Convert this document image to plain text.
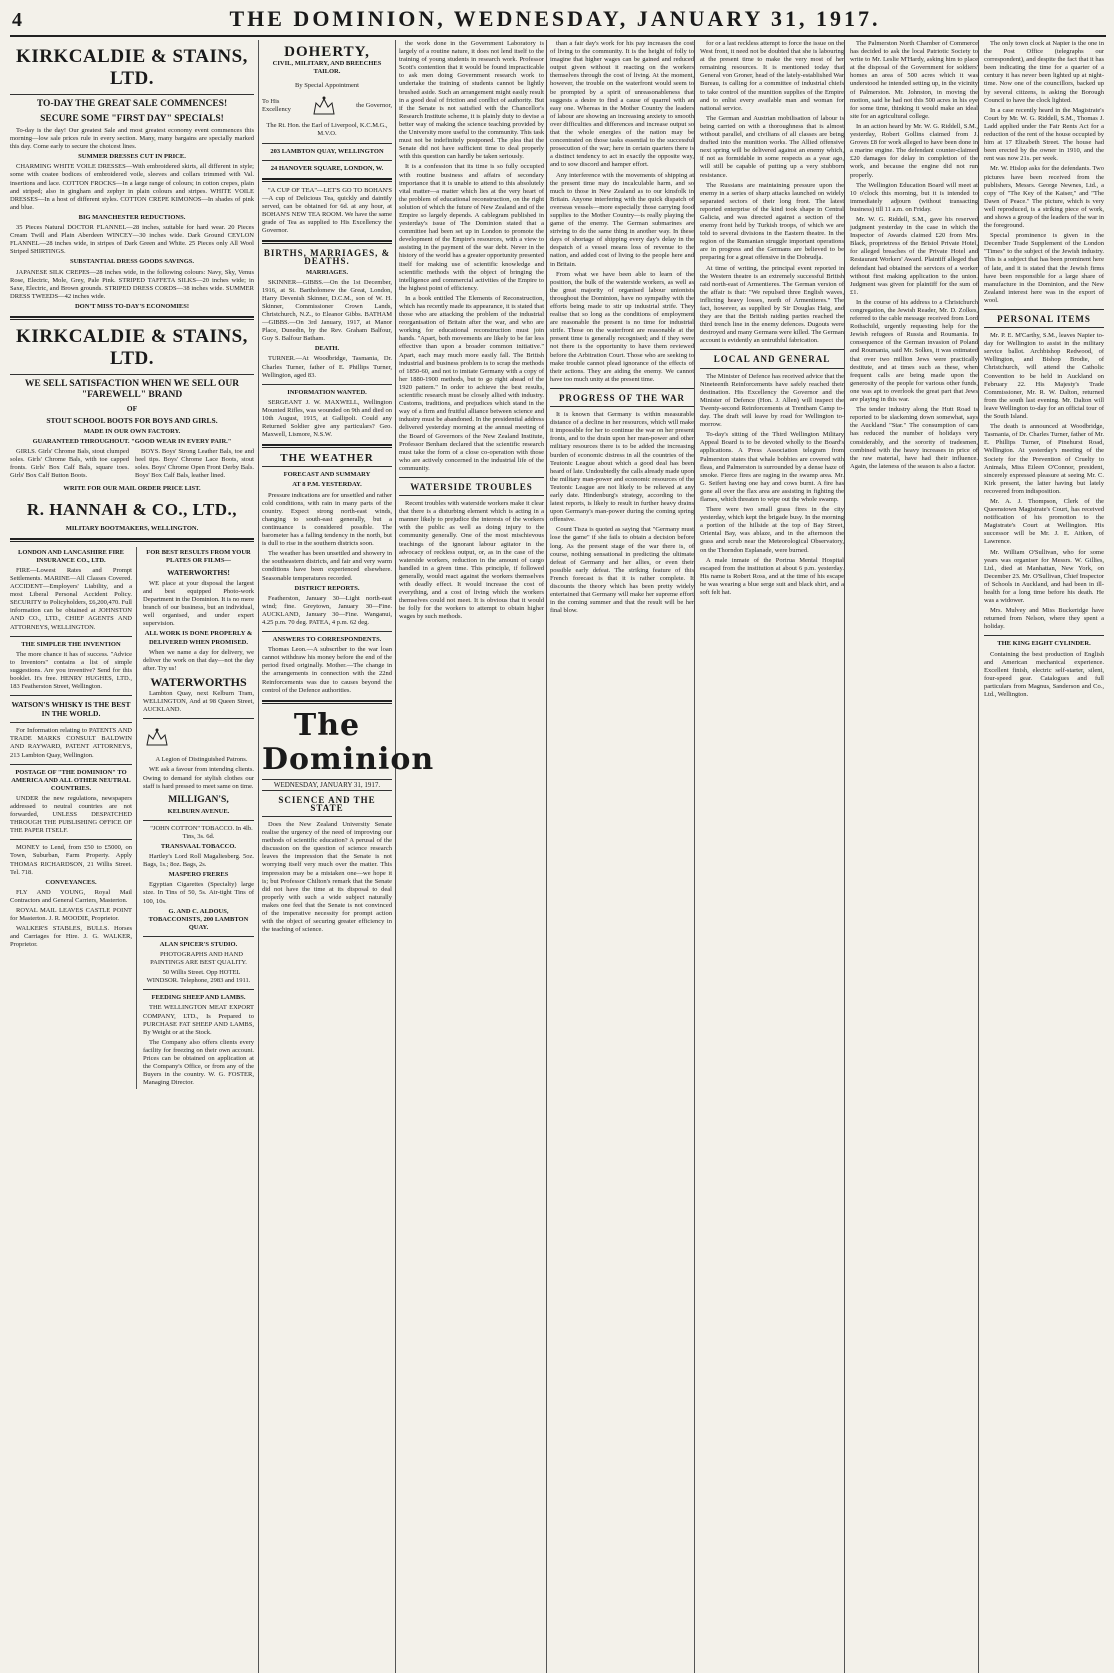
4	THE DOMINION, WEDNESDAY, JANUARY 31, 1917.
KIRKCALDIE & STAINS, LTD.
TO-DAY THE GREAT SALE COMMENCES!
SECURE SOME "FIRST DAY" SPECIALS!

To-day is the day! Our greatest Sale and most greatest economy event commences this morning—low sale prices rule in every section. Many, many bargains are specially marked this day. Come early to secure the choicest lines.

SUMMER DRESSES CUT IN PRICE.

CHARMING WHITE VOILE DRESSES—With embroidered skirts, all different in style; some with coatee bodices of embroidered voile, sleeves and collars trimmed with Val. insertions and lace. COTTON FROCKS—In a large range of colours; in cotton crepes, plain and striped; also in gingham and zephyr in plain colours and stripes. WHITE VOILE DRESSES—In a host of different styles. COTTON CREPE KIMONOS—In shades of pink and blue.

BIG MANCHESTER REDUCTIONS.

35 Pieces Natural DOCTOR FLANNEL—28 inches, suitable for hard wear. 20 Pieces Cream Twill and Plain Aberdeen WINCEY—30 inches wide. Dark Ground CEYLON FLANNEL—28 inches wide, in stripes of Dark Green and White. 25 Pieces only All Wool Striped SHIRTINGS.

SUBSTANTIAL DRESS GOODS SAVINGS.

JAPANESE SILK CREPES—28 inches wide, in the following colours: Navy, Sky, Venus Rose, Electric, Mole, Grey, Pale Pink. STRIPED TAFFETA SILKS—20 inches wide; in Saxe, Electric, and Brown grounds. STRIPED DRESS CORDS—38 inches wide. SUMMER DRESS TWEEDS—42 inches wide.

DON'T MISS TO-DAY'S ECONOMIES!
KIRKCALDIE & STAINS, LTD.
WE SELL SATISFACTION WHEN WE SELL OUR "FAREWELL" BRAND
OF
STOUT SCHOOL BOOTS FOR BOYS AND GIRLS.
MADE IN OUR OWN FACTORY.
GUARANTEED THROUGHOUT. "GOOD WEAR IN EVERY PAIR."

GIRLS. Girls' Chrome Bals, stout clumped soles. Girls' Chrome Bals, with toe capped fronts. Girls' Box Calf Bals, square toes. Girls' Box Calf Button Boots.

BOYS. Boys' Strong Leather Bals, toe and heel tips. Boys' Chrome Lace Boots, stout soles. Boys' Chrome Open Front Derby Bals. Boys' Box Calf Bals, leather lined.

WRITE FOR OUR MAIL ORDER PRICE LIST.
R. HANNAH & CO., LTD.,
MILITARY BOOTMAKERS, WELLINGTON.
LONDON AND LANCASHIRE FIRE INSURANCE CO., LTD.

FIRE—Lowest Rates and Prompt Settlements. MARINE—All Classes Covered. ACCIDENT—Employers' Liability, and a most Liberal Personal Accident Policy. SECURITY to Policyholders, £6,200,470. Full information can be obtained at JOHNSTON AND CO., LTD., CHIEF AGENTS AND ATTORNEYS, WELLINGTON.

THE SIMPLER THE INVENTION

The more chance it has of success. "Advice to Inventors" contains a list of simple suggestions. Are you inventive? Send for this booklet. It's free. HENRY HUGHES, LTD., 183 Featherston Street, Wellington.

WATSON'S WHISKY IS THE BEST IN THE WORLD.

For Information relating to PATENTS AND TRADE MARKS CONSULT BALDWIN AND RAYWARD, PATENT ATTORNEYS, 213 Lambton Quay, Wellington.

POSTAGE OF "THE DOMINION" TO AMERICA AND ALL OTHER NEUTRAL COUNTRIES.

UNDER the new regulations, newspapers addressed to neutral countries are not forwarded, UNLESS DESPATCHED THROUGH THE PUBLISHING OFFICE OF THE PAPER ITSELF.

MONEY to Lend, from £50 to £5000, on Town, Suburban, Farm Property. Apply THOMAS RICHARDSON, 21 Willis Street. Tel. 718.

CONVEYANCES.

FLY AND YOUNG, Royal Mail Contractors and General Carriers, Masterton.

ROYAL MAIL LEAVES CASTLE POINT for Masterton. J. R. MOODIE, Proprietor.

WALKER'S STABLES, BULLS. Horses and Carriages for Hire. J. G. WALKER, Proprietor.

FOR BEST RESULTS FROM YOUR PLATES OR FILMS—
WATERWORTHS!

WE place at your disposal the largest and best equipped Photo-work Department in the Dominion. It is no mere branch of our business, but an individual, well organised, and under expert supervision.

ALL WORK IS DONE PROPERLY & DELIVERED WHEN PROMISED.

When we name a day for delivery, we deliver the work on that day—not the day after. Try us!

WATERWORTHS

Lambton Quay, next Kelburn Tram, WELLINGTON, And at 98 Queen Street, AUCKLAND.

A Legion of Distinguished Patrons.

WE ask a favour from intending clients. Owing to demand for stylish clothes our staff is hard pressed to meet same on time.

MILLIGAN'S,
KELBURN AVENUE.

"JOHN COTTON" TOBACCO. In 4lb. Tins, 3s. 6d.

TRANSVAAL TOBACCO.

Hartley's Lord Roll Magaliesberg. 5oz. Bags, 1s.; 8oz. Bags, 2s.

MASPERO FRERES

Egyptian Cigarettes (Specialty) large size. In Tins of 50, 5s. Air-tight Tins of 100, 10s.

G. AND C. ALDOUS, TOBACCONISTS, 200 LAMBTON QUAY.
ALAN SPICER'S STUDIO.

PHOTOGRAPHS AND HAND PAINTINGS ARE BEST QUALITY.

50 Willis Street. Opp HOTEL WINDSOR. Telephone, 2983 and 1911.

FEEDING SHEEP AND LAMBS.

THE WELLINGTON MEAT EXPORT COMPANY, LTD., Is Prepared to PURCHASE FAT SHEEP AND LAMBS, By Weight or at the Stock.

The Company also offers clients every facility for freezing on their own account. Prices can be obtained on application at the Company's Office, or from any of the Buyers in the country. W. G. FOSTER, Managing Director.

DOHERTY,
CIVIL, MILITARY, AND BREECHES TAILOR.

By Special Appointment

To His
Excellency
the Governor,

The Rt. Hon. the Earl of Liverpool, K.C.M.G., M.V.O.

203 LAMBTON QUAY, WELLINGTON
24 HANOVER SQUARE, LONDON, W.

"A CUP OF TEA"—LET'S GO TO BOHAN'S—A cup of Delicious Tea, quickly and daintily served, can be obtained for 6d. at any hour, at BOHAN'S NEW TEA ROOM. We have the same grade of Tea as supplied to His Excellency the Governor.

BIRTHS, MARRIAGES, & DEATHS.
MARRIAGES.

SKINNER—GIBBS.—On the 1st December, 1916, at St. Bartholomew the Great, London, Harry Devenish Skinner, D.C.M., son of W. H. Skinner, Commissioner Crown Lands, Christchurch, N.Z., to Eleanor Gibbs. BATHAM—GIBBS.—On 3rd January, 1917, at Manor Place, Dunedin, by the Rev. Graham Balfour, Guy S. Balfour Batham.

DEATH.

TURNER.—At Woodbridge, Tasmania, Dr. Charles Turner, father of E. Phillips Turner, Wellington, aged 83.

INFORMATION WANTED.

SERGEANT J. W. MAXWELL, Wellington Mounted Rifles, was wounded on 9th and died on 10th August, 1915, at Gallipoli. Could any Returned Soldier give any particulars? Geo. Maxwell, Lismore, N.S.W.

THE WEATHER
FORECAST AND SUMMARY
AT 8 P.M. YESTERDAY.

Pressure indications are for unsettled and rather cold conditions, with rain in many parts of the country. Expect strong north-east winds, changing to south-east generally, but a continuance is considered possible. The barometer has a falling tendency in the north, but is dull to rise in the southern districts soon.

The weather has been unsettled and showery in the southeastern districts, and fair and very warm conditions have been experienced elsewhere. Seasonable temperatures recorded.

DISTRICT REPORTS.

Featherston, January 30—Light north-east wind; fine. Greytown, January 30—Fine. AUCKLAND, January 30—Fine. Wanganui, 4.25 p.m. 70 deg. PATEA, 4 p.m. 62 deg.

ANSWERS TO CORRESPONDENTS.

Thomas Leon.—A subscriber to the war loan cannot withdraw his money before the end of the period fixed originally. Mother.—The change in the arrangements in connection with the 22nd Reinforcements was due to causes beyond the control of the Defence authorities.

The Dominion
WEDNESDAY, JANUARY 31, 1917.
SCIENCE AND THE STATE

Does the New Zealand University Senate realise the urgency of the need of improving our methods of scientific education? A perusal of the discussion on the question of science research leaves the impression that the Senate is not worrying itself very much over the matter. This impression may be a mistaken one—we hope it is; but Professor Chilton's remark that the Senate did not have the time at its disposal to deal properly with such a wide subject naturally makes one feel that the Senate is not convinced of the imperative necessity for prompt action with the object of securing greater efficiency in the teaching of science.

the work done in the Government Laboratory is largely of a routine nature, it does not lend itself to the training of young students in research work. Professor Scott's contention that it would be found impracticable to ask men doing Government research work to undertake the training of students cannot be lightly brushed aside. Such an arrangement might easily result in a good deal of friction and conflict of authority. But if the Senate is not satisfied with the Chancellor's Research Institute scheme, it is plainly duty to devise a better way of making the science teaching provided by the University more useful to the community. This task must not be indefinitely postponed. The plea that the Senate did not have sufficient time to deal properly with this question can hardly be taken seriously.

It is a confession that its time is so fully occupied with routine business and affairs of secondary importance that it is unable to attend to this absolutely vital matter—a matter which lies at the very heart of the problem of educational reconstruction, on the right solution of which the future of New Zealand and of the Empire so largely depends. A cablegram published in yesterday's issue of The Dominion stated that a committee had been set up in London to promote the development of the Empire's resources, with a view to assisting in the payment of the war debt. Never in the history of the world has a greater opportunity presented itself for making use of scientific knowledge and scientific methods with the object of bringing the intelligence and commercial activities of the Empire to the highest point of efficiency.

In a book entitled The Elements of Reconstruction, which has recently made its appearance, it is stated that those who are attacking the problem of the industrial reorganisation of Britain after the war, and who are working for educational reconstruction must join hands. "Apart, both movements are likely to be far less effective than upon a broader common initiative." Apart, each may much more easily fall. The British industrial and business problem is to scrap the methods of 1850-60, and not to imitate Germany with a copy of her 1880-1900 methods, but to go right ahead of the 1920 pattern." In order to achieve the best results, scientific research must be closely allied with industry. Customs, traditions, and prejudices which stand in the way of a firm and fruitful alliance between science and industry must be abandoned. In the presidential address delivered yesterday morning at the annual meeting of the Board of Governors of the New Zealand Institute, Professor Benham declared that the scientific research must take the form of a close co-operation with those who are actively concerned in the industrial life of the community.

WATERSIDE TROUBLES

Recent troubles with waterside workers make it clear that there is a disturbing element which is acting in a manner likely to prejudice the interests of the workers with the public as well as doing injury to the community generally. One of the most mischievous teachings of the ignorant labour agitator in the advocacy of reckless output, or, as in the case of the waterside workers, reduction in the amount of cargo handled in a given time. This principle, if followed generally, would react against the workers themselves with deadly effect. It would increase the cost of everything, and a cost of living which the workers themselves could not meet. It is obvious that it would be folly for the workers to attempt to obtain higher wages by such methods.

than a fair day's work for his pay increases the cost of living to the community. It is the height of folly to imagine that higher wages can be gained and reduced output given without it reacting on the workers themselves through the cost of living. At the moment, however, the trouble on the waterfront would seem to be prompted by a spirit of unreasonableness that suggests a desire to find a cause of quarrel with an easy one. Whereas in the Mother Country the leaders of labour are showing an increasing anxiety to smooth over difficulties and differences and increase output so that the whole energies of the nation may be concentrated on those tasks essential to the successful prosecution of the war; here in certain quarters there is a distinct tendency to act in exactly the opposite way, and to sow discord and hamper effort.

Any interference with the movements of shipping at the present time may do incalculable harm, and so much to those in New Zealand as to our kinsfolk in Britain. Anyone interfering with the quick dispatch of overseas vessels—more especially those carrying food supplies to the Mother Country—is really playing the game of the enemy. The German submarines are striving to do the same thing in another way. In these days of shortage of shipping every day's delay in the despatch of a vessel means loss of revenue to the nation, and added cost of living to the people here and in Britain.

From what we have been able to learn of the position, the bulk of the waterside workers, as well as the great majority of organised labour unionists throughout the Dominion, have no sympathy with the efforts being made to stir up industrial strife. They realise that so long as the conditions of employment are reasonable the present is no time for industrial strife. Those on the waterfront are reasonable at the present time is generally recognised; and if they were not there is the opportunity to have them reviewed before the Arbitration Court. Those who are seeking to make trouble cannot plead ignorance of the effects of their actions. They are aiding the enemy. We cannot have too much unity at the present time.

PROGRESS OF THE WAR

It is known that Germany is within measurable distance of a decline in her resources, which will make it impossible for her to continue the war on her present fronts, and to the drain upon her man-power and other military resources there is to be added the increasing burden of economic distress in all the countries of the Teutonic League about which a good deal has been heard of late. Undoubtedly the calls already made upon the military man-power and economic resources of the Teutonic League are not likely to be relieved at any early date. Hindenburg's strategy, according to the latest reports, is likely to result in further heavy drains upon Germany's man-power during the coming spring offensive.

Count Tisza is quoted as saying that "Germany must lose the game" if she fails to obtain a decision before long. As the present stage of the war there is, of course, nothing sensational in predicting the ultimate defeat of Germany and her allies, or even their possible early defeat. The striking feature of this French forecast is that it is rather complete. It discounts the theory which has been pretty widely entertained that Germany will make her supreme effort in the coming summer and that the result will be her final blow.

for or a last reckless attempt to force the issue on the West front, it need not be doubted that she is labouring at the present time to make the very most of her remaining resources. It is mentioned today that General von Groner, head of the lately-established War Bureau, is calling for a committee of industrial chiefs to take control of the munition supplies of the Empire and to enlist every available man and woman for national service.

The German and Austrian mobilisation of labour is being carried on with a thoroughness that is almost without parallel, and civilians of all classes are being drafted into the munition works. The Allied offensive next spring will be delivered against an enemy which, if not as formidable in some respects as a year ago, will still be capable of putting up a very stubborn resistance.

The Russians are maintaining pressure upon the enemy in a series of sharp attacks launched on widely separated sectors of their long front. The latest reported enterprise of the kind took shape in Central Galicia, and was directed against a section of the enemy front held by Turkish troops, of which we are told to several divisions in the Eastern theatre. In the region of the Rumanian struggle important operations are in progress and the Germans are believed to be preparing for a great offensive in the Dobrudja.

At time of writing, the principal event reported in the Western theatre is an extremely successful British raid north-east of Armentieres. The German version of the affair is that: "We repulsed three English waves, inflicting heavy losses, north of Armentieres." The fact, however, as supplied by Sir Douglas Haig, and they are that the British raiding parties reached the third trench line in the enemy defences. Dugouts were destroyed and many Germans were killed. The German account is evidently an untruthful fabrication.

LOCAL AND GENERAL

The Minister of Defence has received advice that the Nineteenth Reinforcements have safely reached their destination. His Excellency the Governor and the Minister of Defence (Hon. J. Allen) will inspect the Twenty-second Reinforcements at Trentham Camp to-day. The draft will leave by road for Wellington to-morrow.

To-day's sitting of the Third Wellington Military Appeal Board is to be devoted wholly to the Board's applications. A Press Association telegram from Palmerston states that whale bobbies are covered with fleas, and Palmerston is surrounded by a dense haze of smoke. Fierce fires are raging in the swamp area. Mr. G. Seifert having one hay and cows burnt. A fire has gone all over the flax area are assisting in fighting the flames, which threaten to wipe out the whole swamp.

There were two small grass fires in the city yesterday, which kept the brigade busy. In the morning a portion of the hillside at the top of Bay Street, Oriental Bay, was ablaze, and in the afternoon the grass and scrub near the Meteorological Observatory, on the Thorndon Esplanade, were burned.

A male inmate of the Porirua Mental Hospital escaped from the institution at about 6 p.m. yesterday. His name is Robert Ross, and at the time of his escape he was wearing a blue serge suit and black shirt, and a soft felt hat.

The Palmerston North Chamber of Commerce has decided to ask the local Patriotic Society to write to Mr. Leslie M'Hardy, asking him to place at the disposal of the Government for soldiers' homes an area of 500 acres which it was understood he intended setting up, in the vicinity of Palmerston. Mr. Johnston, in moving the motion, said he had not this 500 acres in his eye for some time, thinking it would make an ideal site for an agricultural college.

In an action heard by Mr. W. G. Riddell, S.M., yesterday, Robert Gollins claimed from J. Groves £8 for work alleged to have been done in a marine engine. The defendant counter-claimed £20 damages for delay in completion of the work, and because the engine did not run properly.

The Wellington Education Board will meet at 10 o'clock this morning, but it is intended to immediately adjourn (without transacting business) till 11 a.m. on Friday.

Mr. W. G. Riddell, S.M., gave his reserved judgment yesterday in the case in which the Inspector of Awards claimed £20 from Mrs. Black, proprietress of the Bristol Private Hotel, for alleged breaches of the Private Hotel and Restaurant Workers' Award. Plaintiff alleged that defendant had obtained the services of a worker without first making application to the union. Judgment was given for plaintiff for the sum of £1.

In the course of his address to a Christchurch congregation, the Jewish Reader, Mr. D. Zolkes, referred to the cable message received from Lord Rothschild, urgently requesting help for the Jewish refugees of Russia and Roumania. In consequence of the German invasion of Poland and Roumania, said Mr. Solkes, it was estimated that over two million Jews were practically destitute, and at times such as these, when frequent calls are being made upon the generosity of the people for various other funds, one was apt to overlook the great part that Jews are playing in this war.

The tender industry along the Hutt Road is reported to be slackening down somewhat, says the Auckland "Star." The consumption of cars has reduced the number of holidays very considerably, and the sorority of tradesmen, combined with the heavy increases in price of the raw material, have had their influence. Again, the lateness of the season is also a factor.

The only town clock at Napier is the one in the Post Office (telegraphs our correspondent), and despite the fact that it has been indicating the time for a quarter of a century it has never been lighted up at night-time. Now one of the councillors, backed up by several citizens, is asking the Borough Council to have the clock lighted.

In a case recently heard in the Magistrate's Court by Mr. W. G. Riddell, S.M., Thomas J. Ladd applied under the Fair Rents Act for a reduction of the rent of the house occupied by him at 17 Elizabeth Street. The house had been erected by the owner in 1910, and the rent was now 21s. per week.

Mr. W. Hislop asks for the defendants. Two pictures have been received from the publishers, Messrs. George Newnes, Ltd., a copy of "The Key of the Kaiser," and "The Dawn of Peace." The picture, which is very well reproduced, is a striking piece of work, and shows a group of the leaders of the war in the foreground.

Special prominence is given in the December Trade Supplement of the London "Times" to the subject of the Jewish industry. This is a subject that has been prominent here of late, and it is stated that the Jewish firms have been responsible for a large share of manufacture in the Dominion, and the New Zealand interest here was in the export of wool.

PERSONAL ITEMS

Mr. P. E. M'Carthy, S.M., leaves Napier to-day for Wellington to assist in the military service ballot. Archbishop Redwood, of Wellington, and Bishop Brodie, of Christchurch, will attend the Catholic Convention to be held in Auckland on February 22. His Majesty's Trade Commissioner, Mr. R. W. Dalton, returned from the south last evening. Mr. Dalton will leave Wellington to-day for an official tour of the South Island.

The death is announced at Woodbridge, Tasmania, of Dr. Charles Turner, father of Mr. E. Phillips Turner, of Pinehurst Road, Wellington. At yesterday's meeting of the Society for the Prevention of Cruelty to Animals, Miss Eileen O'Connor, president, sincerely expressed pleasure at seeing Mr. C. Kirk present, the latter having but lately recovered from indisposition.

Mr. A. J. Thompson, Clerk of the Queenstown Magistrate's Court, has received notification of his promotion to the Magistrate's Court at Wellington. His successor will be Mr. J. E. Aitken, of Lawrence.

Mr. William O'Sullivan, who for some years was organiser for Messrs. W. Gillies, Ltd., died at Manhattan, New York, on December 23. Mr. O'Sullivan, Chief Inspector of Schools in Auckland, and had been in ill-health for a long time before his death. He was a widower.

Mrs. Mulvey and Miss Buckeridge have returned from Nelson, where they spent a holiday.

THE KING EIGHT CYLINDER.

Containing the best production of English and American mechanical experience. Excellent finish, electric self-starter, silent, four-speed gear. Catalogues and full particulars from Magnus, Sanderson and Co., Ltd., Wellington.
